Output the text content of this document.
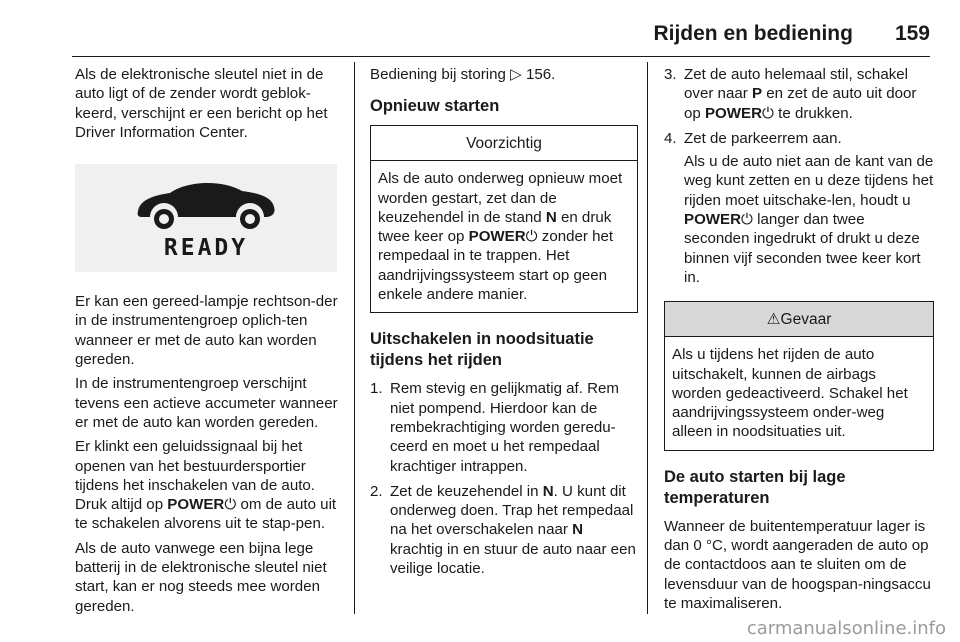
Rijden en bediening 159

Als de elektronische sleutel niet in de auto ligt of de zender wordt geblok-keerd, verschijnt er een bericht op het Driver Information Center.

READY

Er kan een gereed-lampje rechtson-der in de instrumentengroep oplich-ten wanneer er met de auto kan worden gereden.

In de instrumentengroep verschijnt tevens een actieve accumeter wanneer er met de auto kan worden gereden.

Er klinkt een geluidssignaal bij het openen van het bestuurdersportier tijdens het inschakelen van de auto. Druk altijd op POWER⏻ om de auto uit te schakelen alvorens uit te stap-pen.

Als de auto vanwege een bijna lege batterij in de elektronische sleutel niet start, kan er nog steeds mee worden gereden.

Bediening bij storing ▷ 156.

Opnieuw starten
Voorzichtig
Als de auto onderweg opnieuw moet worden gestart, zet dan de keuzehendel in de stand N en druk twee keer op POWER⏻ zonder het rempedaal in te trappen. Het aandrijvingssysteem start op geen enkele andere manier.
Uitschakelen in noodsituatie tijdens het rijden
1. Rem stevig en gelijkmatig af. Rem niet pompend. Hierdoor kan de rembekrachtiging worden geredu-ceerd en moet u het rempedaal krachtiger intrappen.
2. Zet de keuzehendel in N. U kunt dit onderweg doen. Trap het rempedaal na het overschakelen naar N krachtig in en stuur de auto naar een veilige locatie.
3. Zet de auto helemaal stil, schakel over naar P en zet de auto uit door op POWER⏻ te drukken.
4. Zet de parkeerrem aan.
Als u de auto niet aan de kant van de weg kunt zetten en u deze tijdens het rijden moet uitschake-len, houdt u POWER⏻ langer dan twee seconden ingedrukt of drukt u deze binnen vijf seconden twee keer kort in.
⚠ Gevaar
Als u tijdens het rijden de auto uitschakelt, kunnen de airbags worden gedeactiveerd. Schakel het aandrijvingssysteem onder-weg alleen in noodsituaties uit.
De auto starten bij lage temperaturen

Wanneer de buitentemperatuur lager is dan 0 °C, wordt aangeraden de auto op de contactdoos aan te sluiten om de levensduur van de hoogspan-ningsaccu te maximaliseren.

carmanualsonline.info
